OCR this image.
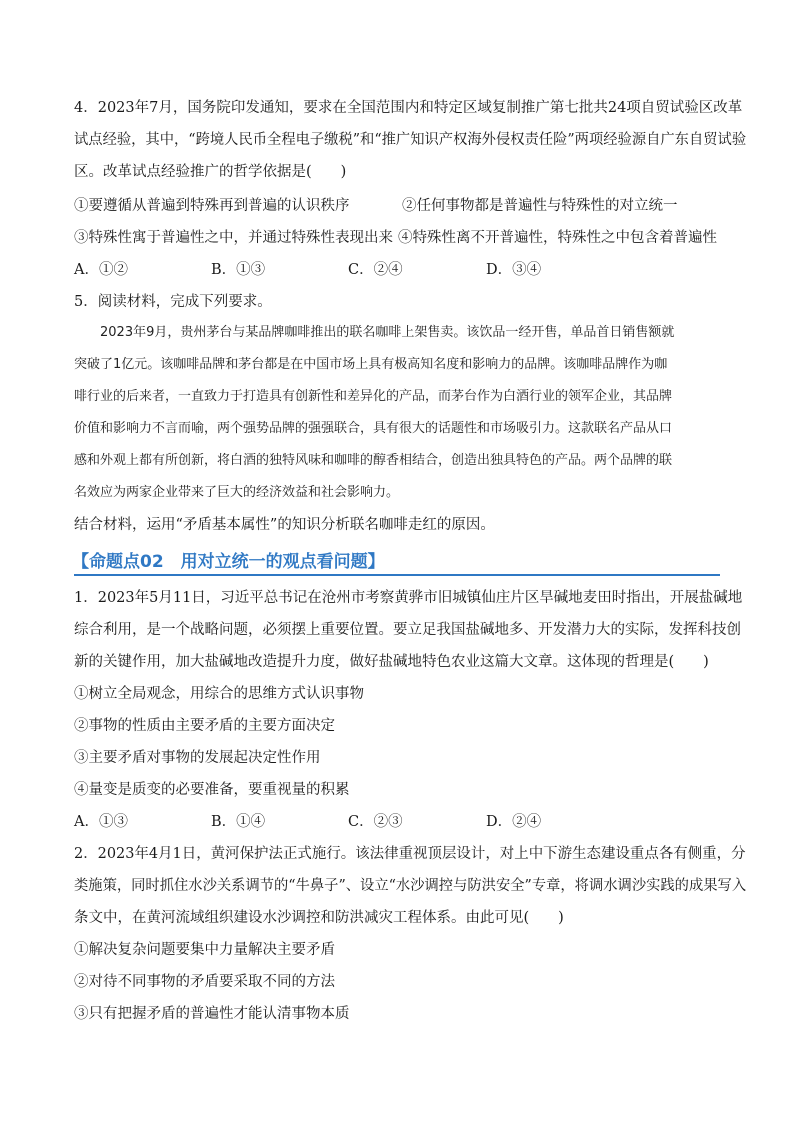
4．2023年7月，国务院印发通知，要求在全国范围内和特定区域复制推广第七批共24项自贸试验区改革
试点经验，其中，“跨境人民币全程电子缴税”和“推广知识产权海外侵权责任险”两项经验源自广东自贸试验
区。改革试点经验推广的哲学依据是(　　)
①要遵循从普遍到特殊再到普遍的认识秩序	②任何事物都是普遍性与特殊性的对立统一
③特殊性寓于普遍性之中，并通过特殊性表现出来 ④特殊性离不开普遍性，特殊性之中包含着普遍性
A．①②	B．①③	C．②④	D．③④
5．阅读材料，完成下列要求。
　　2023年9月，贵州茅台与某品牌咖啡推出的联名咖啡上架售卖。该饮品一经开售，单品首日销售额就
突破了1亿元。该咖啡品牌和茅台都是在中国市场上具有极高知名度和影响力的品牌。该咖啡品牌作为咖
啡行业的后来者，一直致力于打造具有创新性和差异化的产品，而茅台作为白酒行业的领军企业，其品牌
价值和影响力不言而喻，两个强势品牌的强强联合，具有很大的话题性和市场吸引力。这款联名产品从口
感和外观上都有所创新，将白酒的独特风味和咖啡的醇香相结合，创造出独具特色的产品。两个品牌的联
名效应为两家企业带来了巨大的经济效益和社会影响力。
结合材料，运用“矛盾基本属性”的知识分析联名咖啡走红的原因。
【命题点02　用对立统一的观点看问题】
1．2023年5月11日，习近平总书记在沧州市考察黄骅市旧城镇仙庄片区旱碱地麦田时指出，开展盐碱地
综合利用，是一个战略问题，必须摆上重要位置。要立足我国盐碱地多、开发潜力大的实际，发挥科技创
新的关键作用，加大盐碱地改造提升力度，做好盐碱地特色农业这篇大文章。这体现的哲理是(　　)
①树立全局观念，用综合的思维方式认识事物
②事物的性质由主要矛盾的主要方面决定
③主要矛盾对事物的发展起决定性作用
④量变是质变的必要准备，要重视量的积累
A．①③	B．①④	C．②③	D．②④
2．2023年4月1日，黄河保护法正式施行。该法律重视顶层设计，对上中下游生态建设重点各有侧重，分
类施策，同时抓住水沙关系调节的“牛鼻子”、设立“水沙调控与防洪安全”专章，将调水调沙实践的成果写入
条文中，在黄河流域组织建设水沙调控和防洪减灾工程体系。由此可见(　　)
①解决复杂问题要集中力量解决主要矛盾
②对待不同事物的矛盾要采取不同的方法
③只有把握矛盾的普遍性才能认清事物本质
